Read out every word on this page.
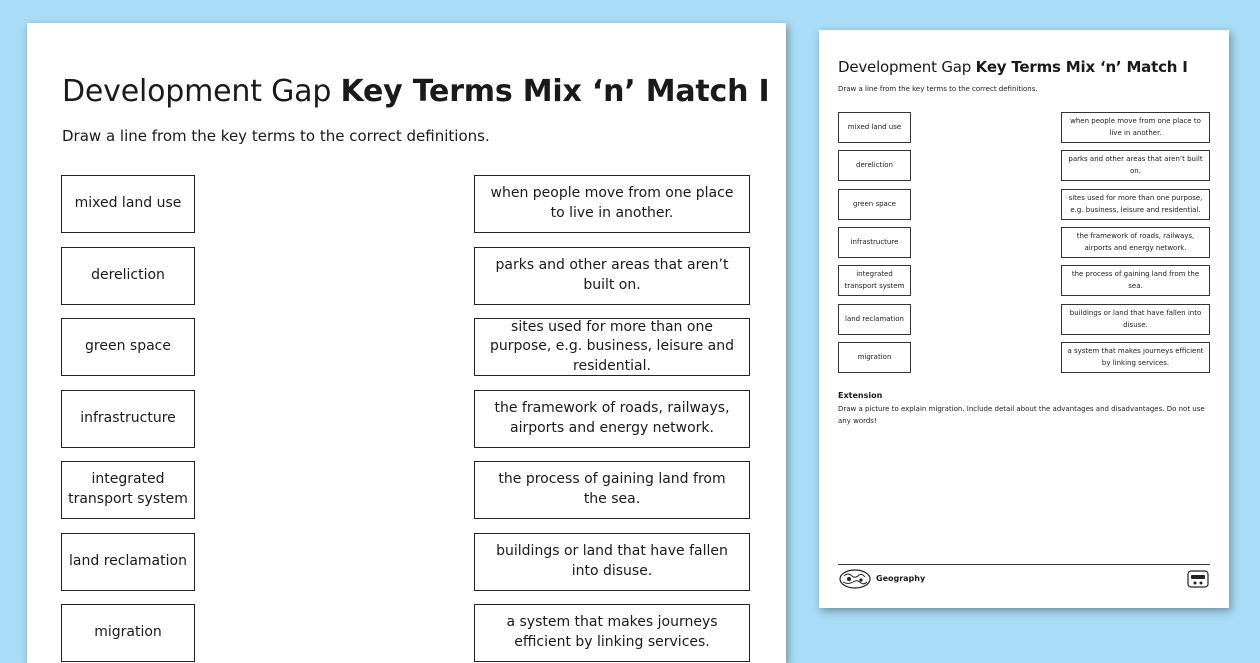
Development Gap Key Terms Mix ‘n’ Match I

Draw a line from the key terms to the correct definitions.

mixed land use
dereliction
green space
infrastructure
integrated transport system
land reclamation
migration
when people move from one place to live in another.
parks and other areas that aren’t built on.
sites used for more than one purpose, e.g. business, leisure and residential.
the framework of roads, railways, airports and energy network.
the process of gaining land from the sea.
buildings or land that have fallen into disuse.
a system that makes journeys efficient by linking services.
Development Gap Key Terms Mix ‘n’ Match I

Draw a line from the key terms to the correct definitions.

mixed land use
dereliction
green space
infrastructure
integrated transport system
land reclamation
migration
when people move from one place to live in another.
parks and other areas that aren’t built on.
sites used for more than one purpose, e.g. business, leisure and residential.
the framework of roads, railways, airports and energy network.
the process of gaining land from the sea.
buildings or land that have fallen into disuse.
a system that makes journeys efficient by linking services.

Extension

Draw a picture to explain migration. Include detail about the advantages and disadvantages. Do not use any words!

Geography
